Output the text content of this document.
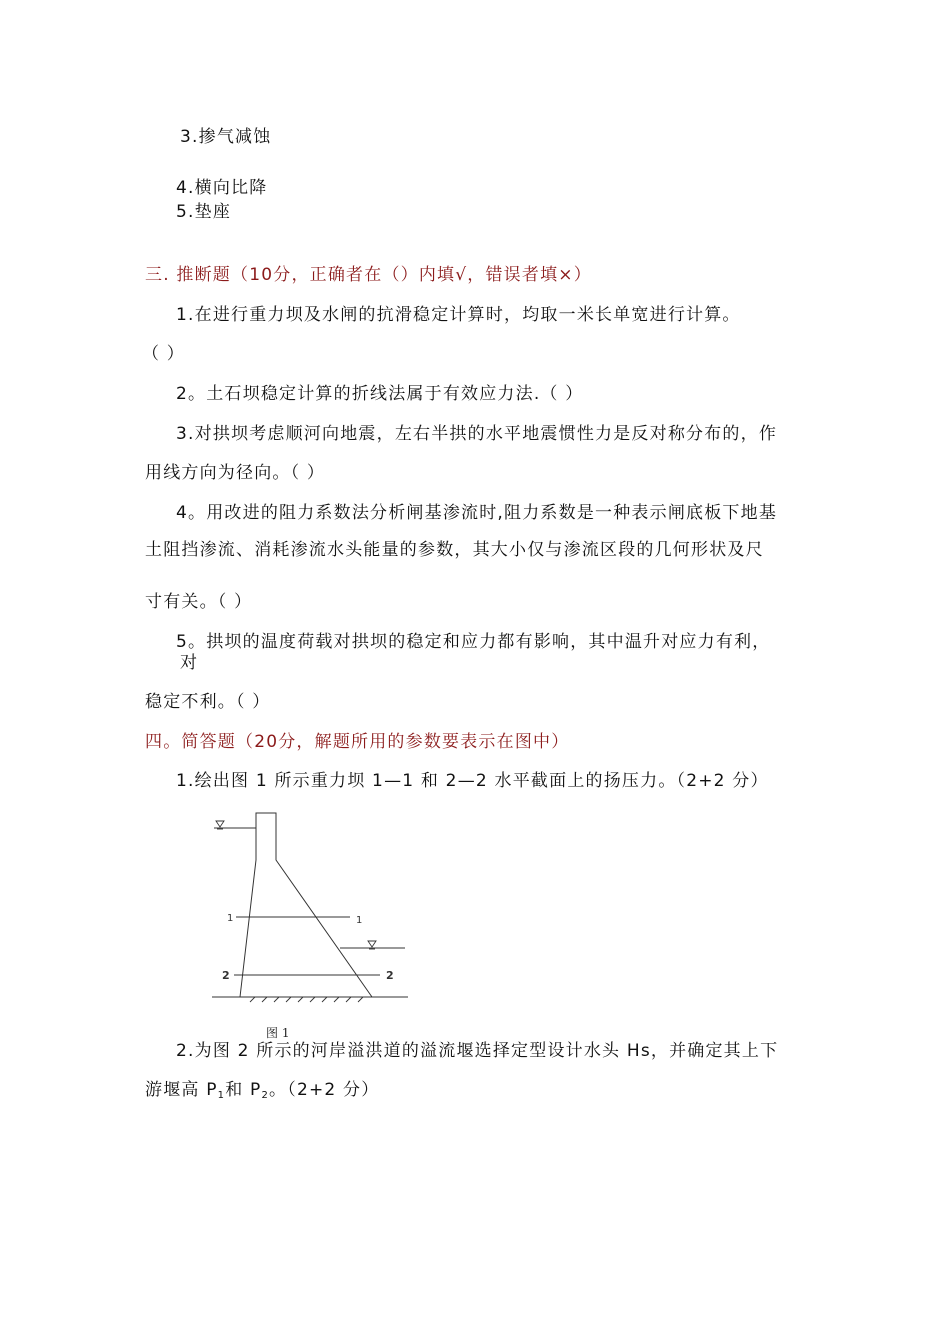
3.掺气减蚀
4.横向比降
5.垫座
三. 推断题（10分，正确者在（）内填√，错误者填×）
1.在进行重力坝及水闸的抗滑稳定计算时，均取一米长单宽进行计算。
（ ）
2。土石坝稳定计算的折线法属于有效应力法.（ ）
3.对拱坝考虑顺河向地震，左右半拱的水平地震惯性力是反对称分布的，作
用线方向为径向。（ ）
4。用改进的阻力系数法分析闸基渗流时,阻力系数是一种表示闸底板下地基
土阻挡渗流、消耗渗流水头能量的参数，其大小仅与渗流区段的几何形状及尺
寸有关。（ ）
5。拱坝的温度荷载对拱坝的稳定和应力都有影响，其中温升对应力有利，
对
稳定不利。（ ）
四。简答题（20分，解题所用的参数要表示在图中）
1.绘出图 1 所示重力坝 1—1 和 2—2 水平截面上的扬压力。（2+2 分）
1	1
2	2
图 1
2.为图 2 所示的河岸溢洪道的溢流堰选择定型设计水头 Hs，并确定其上下
游堰高 $P_1$和 $P_2$。（2+2 分）
